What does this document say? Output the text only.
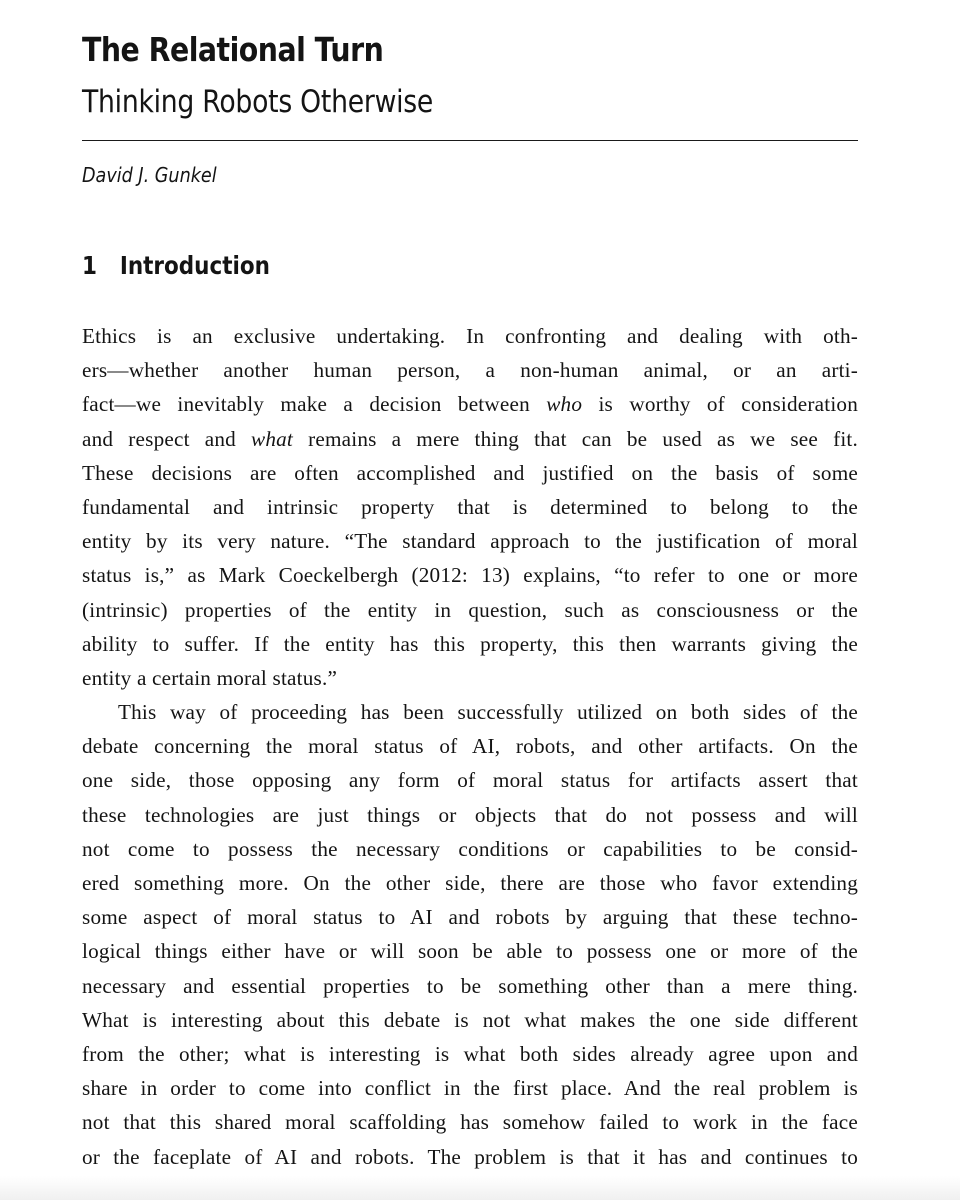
The Relational Turn
Thinking Robots Otherwise
David J. Gunkel
1 Introduction
Ethics is an exclusive undertaking. In confronting and dealing with oth-
ers—whether another human person, a non-human animal, or an arti-
fact—we inevitably make a decision between who is worthy of consideration
and respect and what remains a mere thing that can be used as we see fit.
These decisions are often accomplished and justified on the basis of some
fundamental and intrinsic property that is determined to belong to the
entity by its very nature. “The standard approach to the justification of moral
status is,” as Mark Coeckelbergh (2012: 13) explains, “to refer to one or more
(intrinsic) properties of the entity in question, such as consciousness or the
ability to suffer. If the entity has this property, this then warrants giving the
entity a certain moral status.”
This way of proceeding has been successfully utilized on both sides of the
debate concerning the moral status of AI, robots, and other artifacts. On the
one side, those opposing any form of moral status for artifacts assert that
these technologies are just things or objects that do not possess and will
not come to possess the necessary conditions or capabilities to be consid-
ered something more. On the other side, there are those who favor extending
some aspect of moral status to AI and robots by arguing that these techno-
logical things either have or will soon be able to possess one or more of the
necessary and essential properties to be something other than a mere thing.
What is interesting about this debate is not what makes the one side different
from the other; what is interesting is what both sides already agree upon and
share in order to come into conflict in the first place. And the real problem is
not that this shared moral scaffolding has somehow failed to work in the face
or the faceplate of AI and robots. The problem is that it has and continues to
